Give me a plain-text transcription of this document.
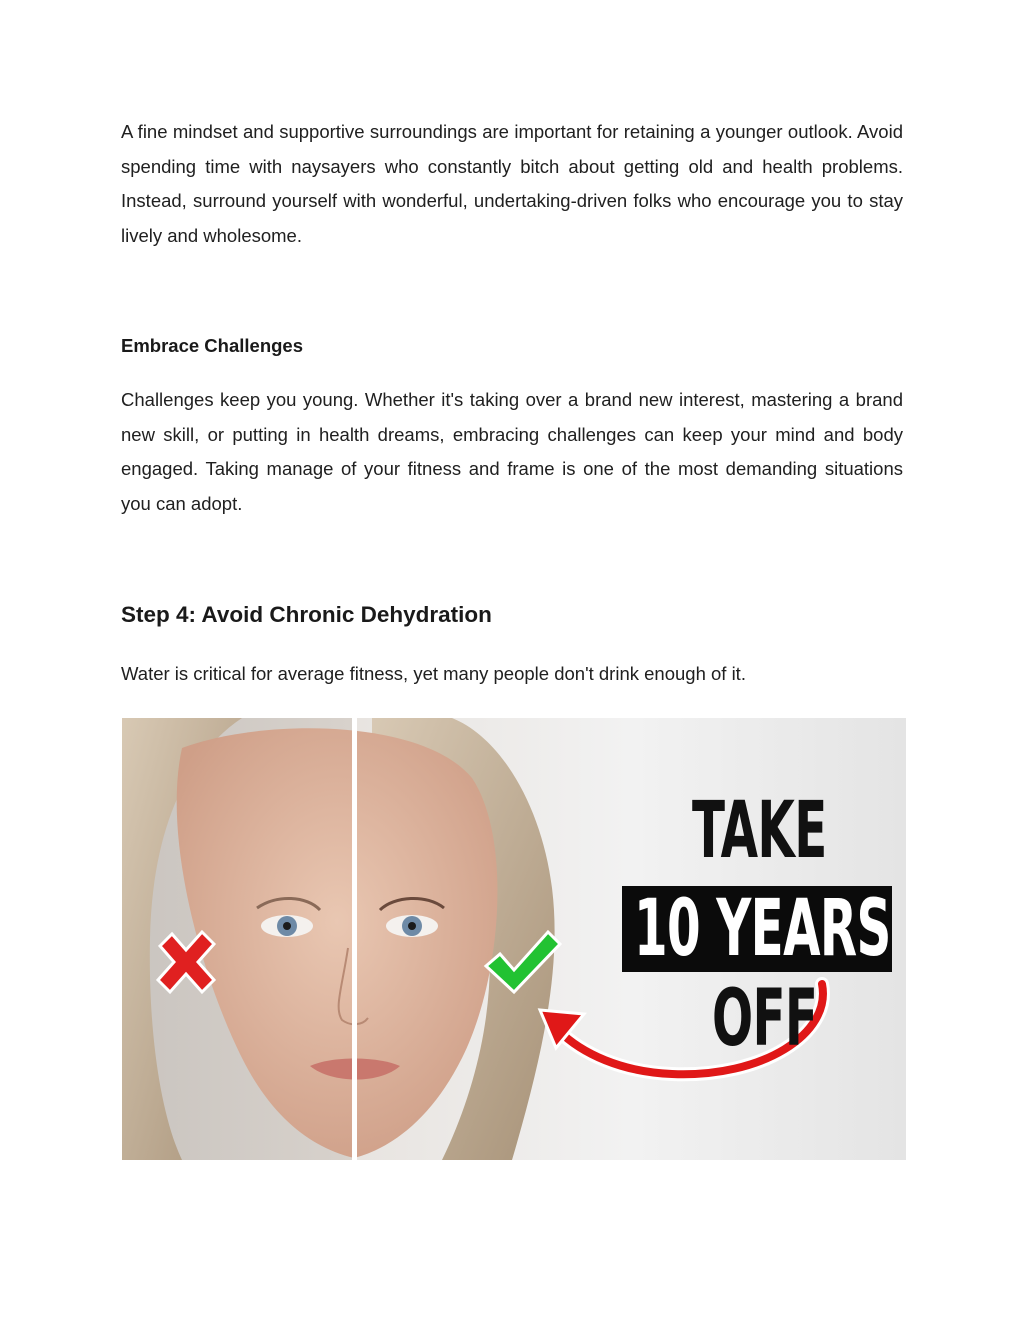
A fine mindset and supportive surroundings are important for retaining a younger outlook. Avoid spending time with naysayers who constantly bitch about getting old and health problems. Instead, surround yourself with wonderful, undertaking-driven folks who encourage you to stay lively and wholesome.

Embrace Challenges

Challenges keep you young. Whether it's taking over a brand new interest, mastering a brand new skill, or putting in health dreams, embracing challenges can keep your mind and body engaged. Taking manage of your fitness and frame is one of the most demanding situations you can adopt.

Step 4: Avoid Chronic Dehydration

Water is critical for average fitness, yet many people don't drink enough of it.

TAKE
10 YEARS
OFF
